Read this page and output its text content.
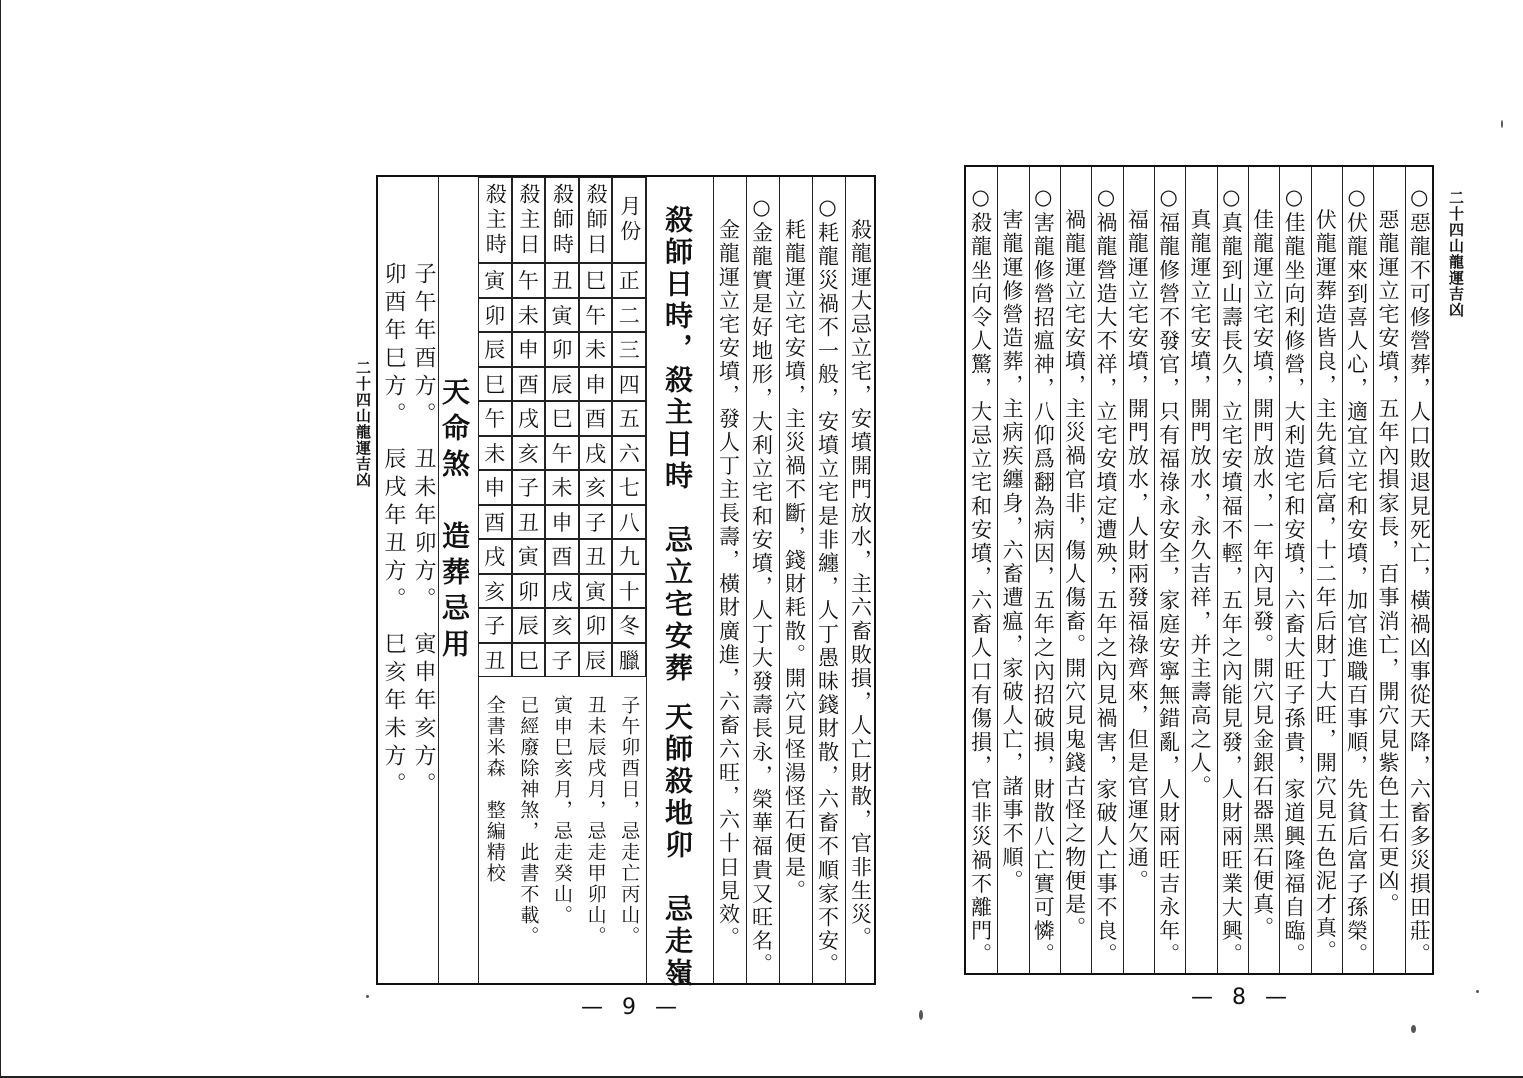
二十四山龍運吉凶
○惡龍不可修營葬，人口敗退見死亡，橫禍凶事從天降，六畜多災損田莊。
　惡龍運立宅安墳，五年內損家長，百事消亡，開穴見紫色土石更凶。
○伏龍來到喜人心，適宜立宅和安墳，加官進職百事順，先貧后富子孫榮。
　伏龍運葬造皆良，主先貧后富，十二年后財丁大旺，開穴見五色泥才真。
○佳龍坐向利修營，大利造宅和安墳，六畜大旺子孫貴，家道興隆福自臨。
　佳龍運立宅安墳，開門放水，一年內見發。開穴見金銀石器黑石便真。
○真龍到山壽長久，立宅安墳福不輕，五年之內能見發，人財兩旺業大興。
　真龍運立宅安墳，開門放水，永久吉祥，并主壽高之人。
○福龍修營不發官，只有福祿永安全，家庭安寧無錯亂，人財兩旺吉永年。
　福龍運立宅安墳，開門放水，人財兩發福祿齊來，但是官運欠通。
○禍龍營造大不祥，立宅安墳定遭殃，五年之內見禍害，家破人亡事不良。
　禍龍運立宅安墳，主災禍官非，傷人傷畜。開穴見鬼錢古怪之物便是。
○害龍修營招瘟神，八仰爲翻為病因，五年之內招破損，財散八亡實可憐。
　害龍運修營造葬，主病疾纏身，六畜遭瘟，家破人亡，諸事不順。
○殺龍坐向令人驚，大忌立宅和安墳，六畜人口有傷損，官非災禍不離門。
— 8 —
二十四山龍運吉凶	　殺龍運大忌立宅，安墳開門放水，主六畜敗損，人亡財散，官非生災。
○耗龍災禍不一般，安墳立宅是非纏，人丁愚昧錢財散，六畜不順家不安。
　耗龍運立宅安墳，主災禍不斷，錢財耗散。開穴見怪湯怪石便是。
○金龍實是好地形，大利立宅和安墳，人丁大發壽長永，榮華福貴又旺名。
　金龍運立宅安墳，發人丁主長壽，橫財廣進，六畜六旺，六十日見效。
殺師日時，殺主日時　忌立宅安葬
天師殺地卯　忌走嶺
月份
正
二
三
四
五
六
七
八
九
十
冬
臘
殺師日
巳
午
未
申
酉
戌
亥
子
丑
寅
卯
辰
殺師時
丑
寅
卯
辰
巳
午
未
申
酉
戌
亥
子
殺主日
午
未
申
酉
戌
亥
子
丑
寅
卯
辰
巳
殺主時
寅
卯
辰
巳
午
未
申
酉
戌
亥
子
丑
子午卯酉日，忌走亡丙山。
丑未辰戌月，忌走甲卯山。
寅申巳亥月，忌走癸山。
已經廢除神煞，此書不載。
全書米森　整編精校
天命煞　造葬忌用
子午年酉方。　丑未年卯方。　寅申年亥方。
卯酉年巳方。　辰戌年丑方。　巳亥年未方。
— 9 —
